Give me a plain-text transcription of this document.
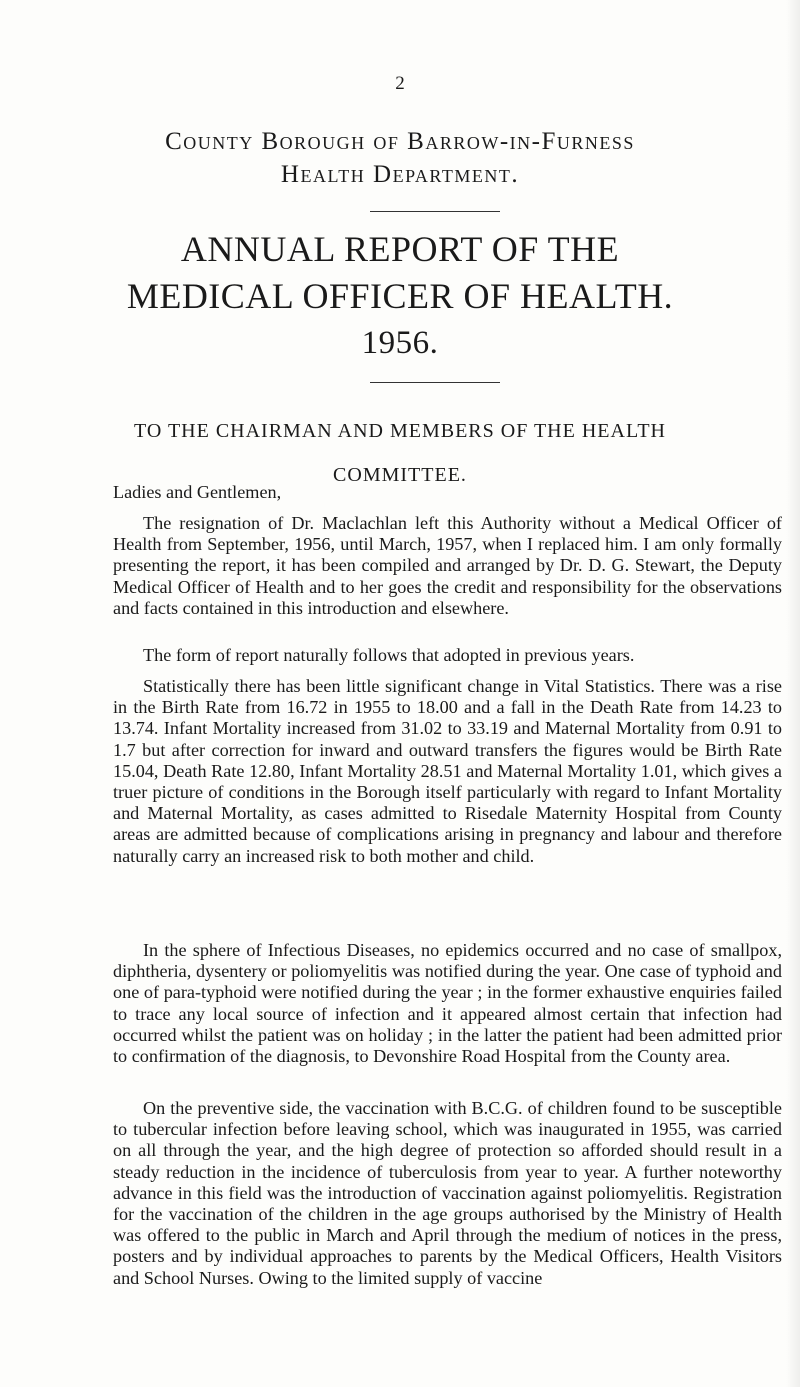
2
County Borough of Barrow-in-Furness
Health Department.
ANNUAL REPORT OF THE
MEDICAL OFFICER OF HEALTH.
1956.
TO THE CHAIRMAN AND MEMBERS OF THE HEALTH
COMMITTEE.
Ladies and Gentlemen,
The resignation of Dr. Maclachlan left this Authority without a Medical Officer of Health from September, 1956, until March, 1957, when I replaced him. I am only formally presenting the report, it has been compiled and arranged by Dr. D. G. Stewart, the Deputy Medical Officer of Health and to her goes the credit and responsibility for the observations and facts contained in this introduction and elsewhere.
The form of report naturally follows that adopted in previous years.
Statistically there has been little significant change in Vital Statistics. There was a rise in the Birth Rate from 16.72 in 1955 to 18.00 and a fall in the Death Rate from 14.23 to 13.74. Infant Mortality increased from 31.02 to 33.19 and Maternal Mortality from 0.91 to 1.7 but after correction for inward and outward transfers the figures would be Birth Rate 15.04, Death Rate 12.80, Infant Mortality 28.51 and Maternal Mortality 1.01, which gives a truer picture of conditions in the Borough itself particularly with regard to Infant Mortality and Maternal Mortality, as cases admitted to Risedale Maternity Hospital from County areas are admitted because of complications arising in pregnancy and labour and therefore naturally carry an increased risk to both mother and child.
In the sphere of Infectious Diseases, no epidemics occurred and no case of smallpox, diphtheria, dysentery or poliomyelitis was notified during the year. One case of typhoid and one of para-typhoid were notified during the year ; in the former exhaustive enquiries failed to trace any local source of infection and it appeared almost certain that infection had occurred whilst the patient was on holiday ; in the latter the patient had been admitted prior to confirmation of the diagnosis, to Devonshire Road Hospital from the County area.
On the preventive side, the vaccination with B.C.G. of children found to be susceptible to tubercular infection before leaving school, which was inaugurated in 1955, was carried on all through the year, and the high degree of protection so afforded should result in a steady reduction in the incidence of tuberculosis from year to year. A further noteworthy advance in this field was the introduction of vaccination against poliomyelitis. Registration for the vaccination of the children in the age groups authorised by the Ministry of Health was offered to the public in March and April through the medium of notices in the press, posters and by individual approaches to parents by the Medical Officers, Health Visitors and School Nurses. Owing to the limited supply of vaccine
